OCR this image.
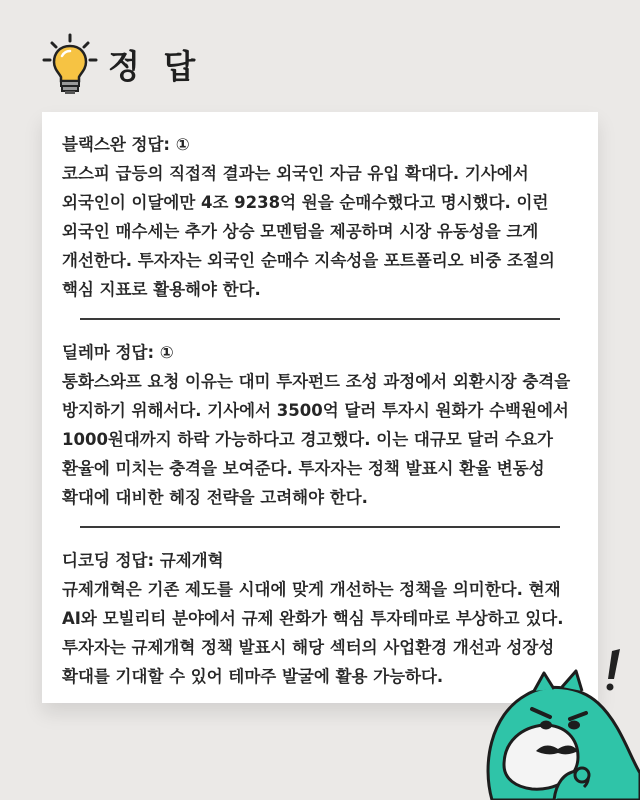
정 답

블랙스완 정답: ①

코스피 급등의 직접적 결과는 외국인 자금 유입 확대다. 기사에서 외국인이 이달에만 4조 9238억 원을 순매수했다고 명시했다. 이런 외국인 매수세는 추가 상승 모멘텀을 제공하며 시장 유동성을 크게 개선한다. 투자자는 외국인 순매수 지속성을 포트폴리오 비중 조절의 핵심 지표로 활용해야 한다.

딜레마 정답: ①

통화스와프 요청 이유는 대미 투자펀드 조성 과정에서 외환시장 충격을 방지하기 위해서다. 기사에서 3500억 달러 투자시 원화가 수백원에서 1000원대까지 하락 가능하다고 경고했다. 이는 대규모 달러 수요가 환율에 미치는 충격을 보여준다. 투자자는 정책 발표시 환율 변동성 확대에 대비한 헤징 전략을 고려해야 한다.

디코딩 정답: 규제개혁

규제개혁은 기존 제도를 시대에 맞게 개선하는 정책을 의미한다. 현재 AI와 모빌리티 분야에서 규제 완화가 핵심 투자테마로 부상하고 있다. 투자자는 규제개혁 정책 발표시 해당 섹터의 사업환경 개선과 성장성 확대를 기대할 수 있어 테마주 발굴에 활용 가능하다.
